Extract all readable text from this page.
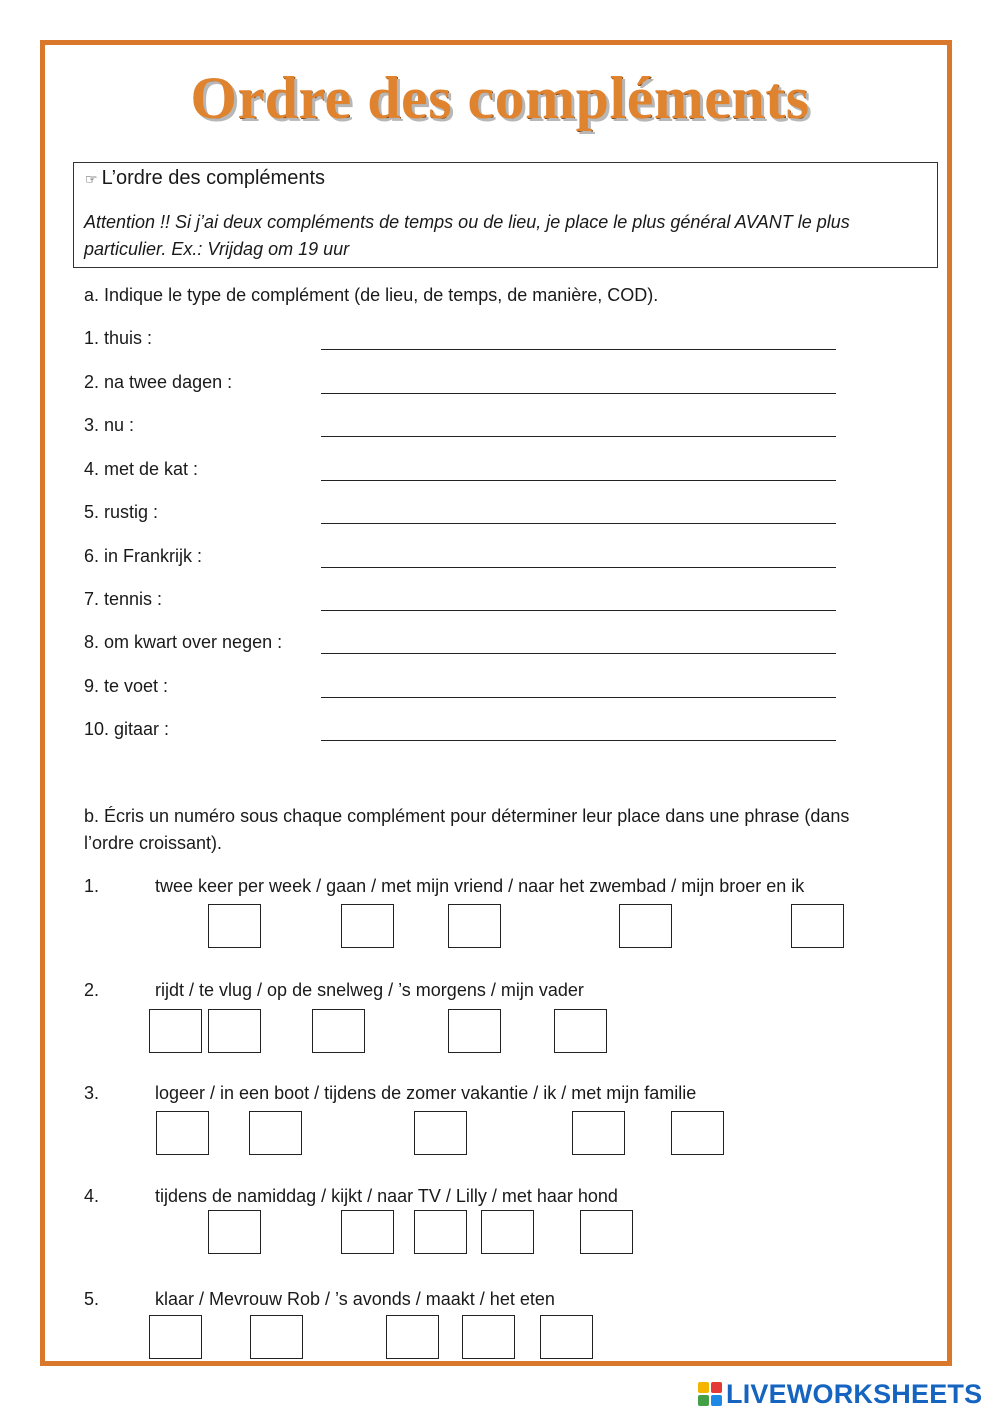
Ordre des compléments
☞ L’ordre des compléments
Attention !! Si j’ai deux compléments de temps ou de lieu, je place le plus général AVANT le plus particulier. Ex.: Vrijdag om 19 uur
a. Indique le type de complément (de lieu, de temps, de manière, COD).
1. thuis :
2. na twee dagen :
3. nu :
4. met de kat :
5. rustig :
6. in Frankrijk :
7. tennis :
8. om kwart over negen :
9. te voet :
10. gitaar :
b. Écris un numéro sous chaque complément pour déterminer leur place dans une phrase (dans l’ordre croissant).
1.	twee keer per week / gaan / met mijn vriend / naar het zwembad / mijn broer en ik
2.	rijdt / te vlug / op de snelweg / ’s morgens / mijn vader
3.	logeer / in een boot / tijdens de zomer vakantie / ik / met mijn familie
4.	tijdens de namiddag / kijkt / naar TV / Lilly / met haar hond
5.	klaar / Mevrouw Rob / ’s avonds / maakt / het eten
LIVEWORKSHEETS
